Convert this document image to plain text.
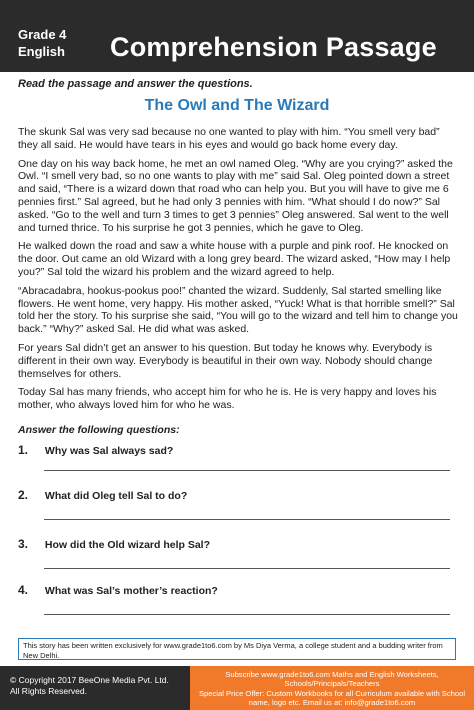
Grade 4
English Comprehension Passage
Read the passage and answer the questions.
The Owl and The Wizard

The skunk Sal was very sad because no one wanted to play with him. “You smell very bad” they all said. He would have tears in his eyes and would go back home every day.

One day on his way back home, he met an owl named Oleg. “Why are you crying?” asked the Owl. “I smell very bad, so no one wants to play with me” said Sal. Oleg pointed down a street and said, “There is a wizard down that road who can help you. But you will have to give me 6 pennies first.” Sal agreed, but he had only 3 pennies with him. “What should I do now?” Sal asked. “Go to the well and turn 3 times to get 3 pennies” Oleg answered. Sal went to the well and turned thrice. To his surprise he got 3 pennies, which he gave to Oleg.

He walked down the road and saw a white house with a purple and pink roof. He knocked on the door. Out came an old Wizard with a long grey beard. The wizard asked, “How may I help you?” Sal told the wizard his problem and the wizard agreed to help.

“Abracadabra, hookus-pookus poo!” chanted the wizard. Suddenly, Sal started smelling like flowers. He went home, very happy. His mother asked, “Yuck! What is that horrible smell?” Sal told her the story. To his surprise she said, “You will go to the wizard and tell him to change you back.” “Why?” asked Sal. He did what was asked.

For years Sal didn’t get an answer to his question. But today he knows why. Everybody is different in their own way. Everybody is beautiful in their own way. Nobody should change themselves for others.

Today Sal has many friends, who accept him for who he is. He is very happy and loves his mother, who always loved him for who he was.

Answer the following questions:
1. Why was Sal always sad?
2. What did Oleg tell Sal to do?
3. How did the Old wizard help Sal?
4. What was Sal’s mother’s reaction?
This story has been written exclusively for www.grade1to6.com by Ms Diya Verma, a college student and a budding writer from New Delhi.
© Copyright 2017 BeeOne Media Pvt. Ltd.
All Rights Reserved.
Subscribe www.grade1to6.com Maths and English Worksheets, Schools/Principals/Teachers
Special Price Offer: Custom Workbooks for all Curriculum available with School name, logo etc. Email us at: info@grade1to6.com
